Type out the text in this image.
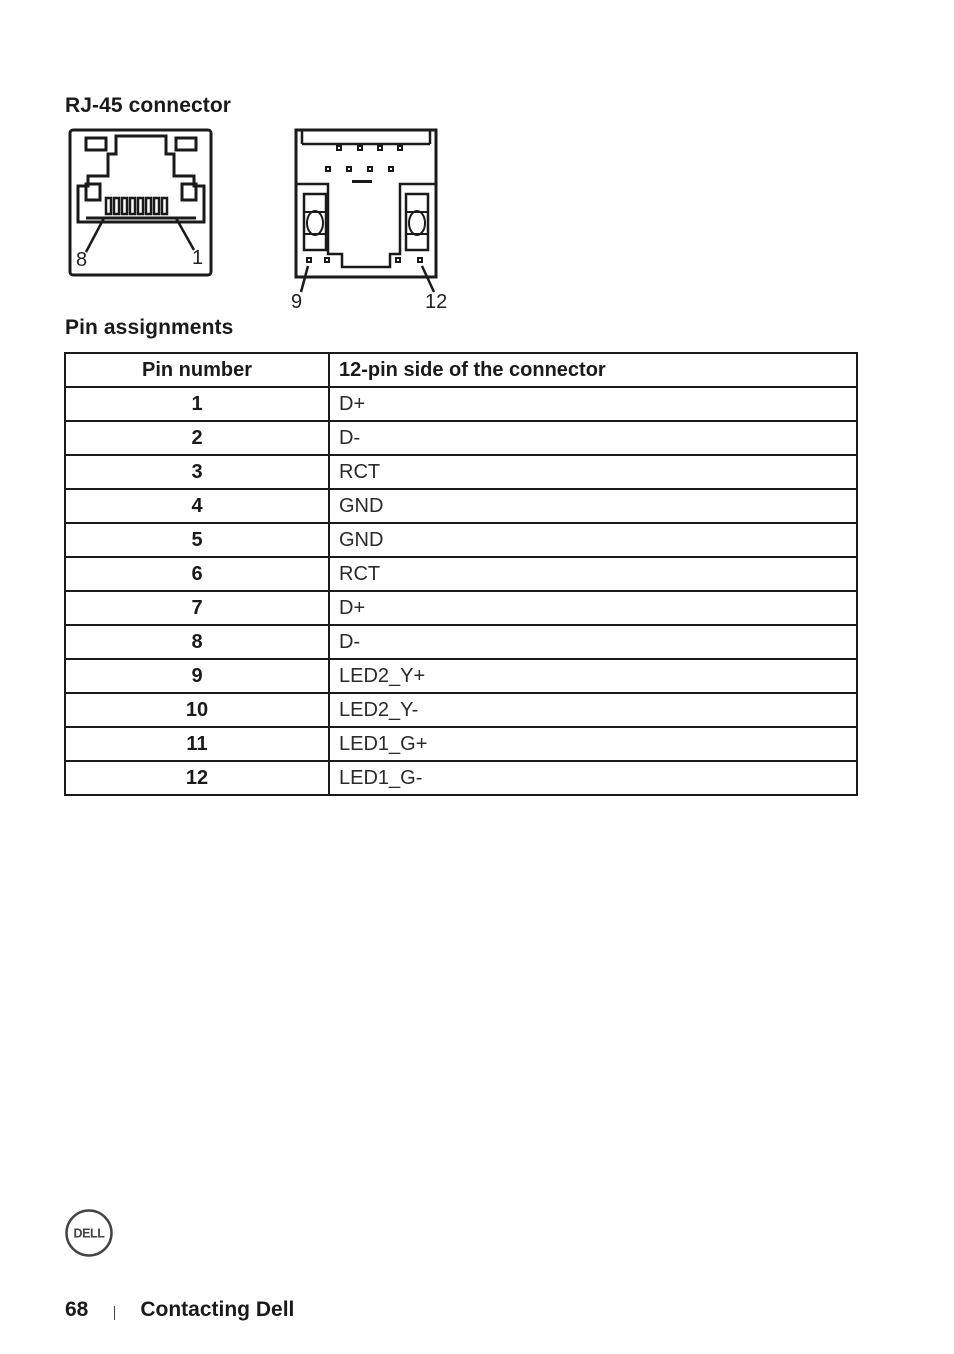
RJ-45 connector
8	1
9	12
Pin assignments
Pin number	12-pin side of the connector
1	D+
2	D-
3	RCT
4	GND
5	GND
6	RCT
7	D+
8	D-
9	LED2_Y+
10	LED2_Y-
11	LED1_G+
12	LED1_G-
DELL
68 Contacting Dell
